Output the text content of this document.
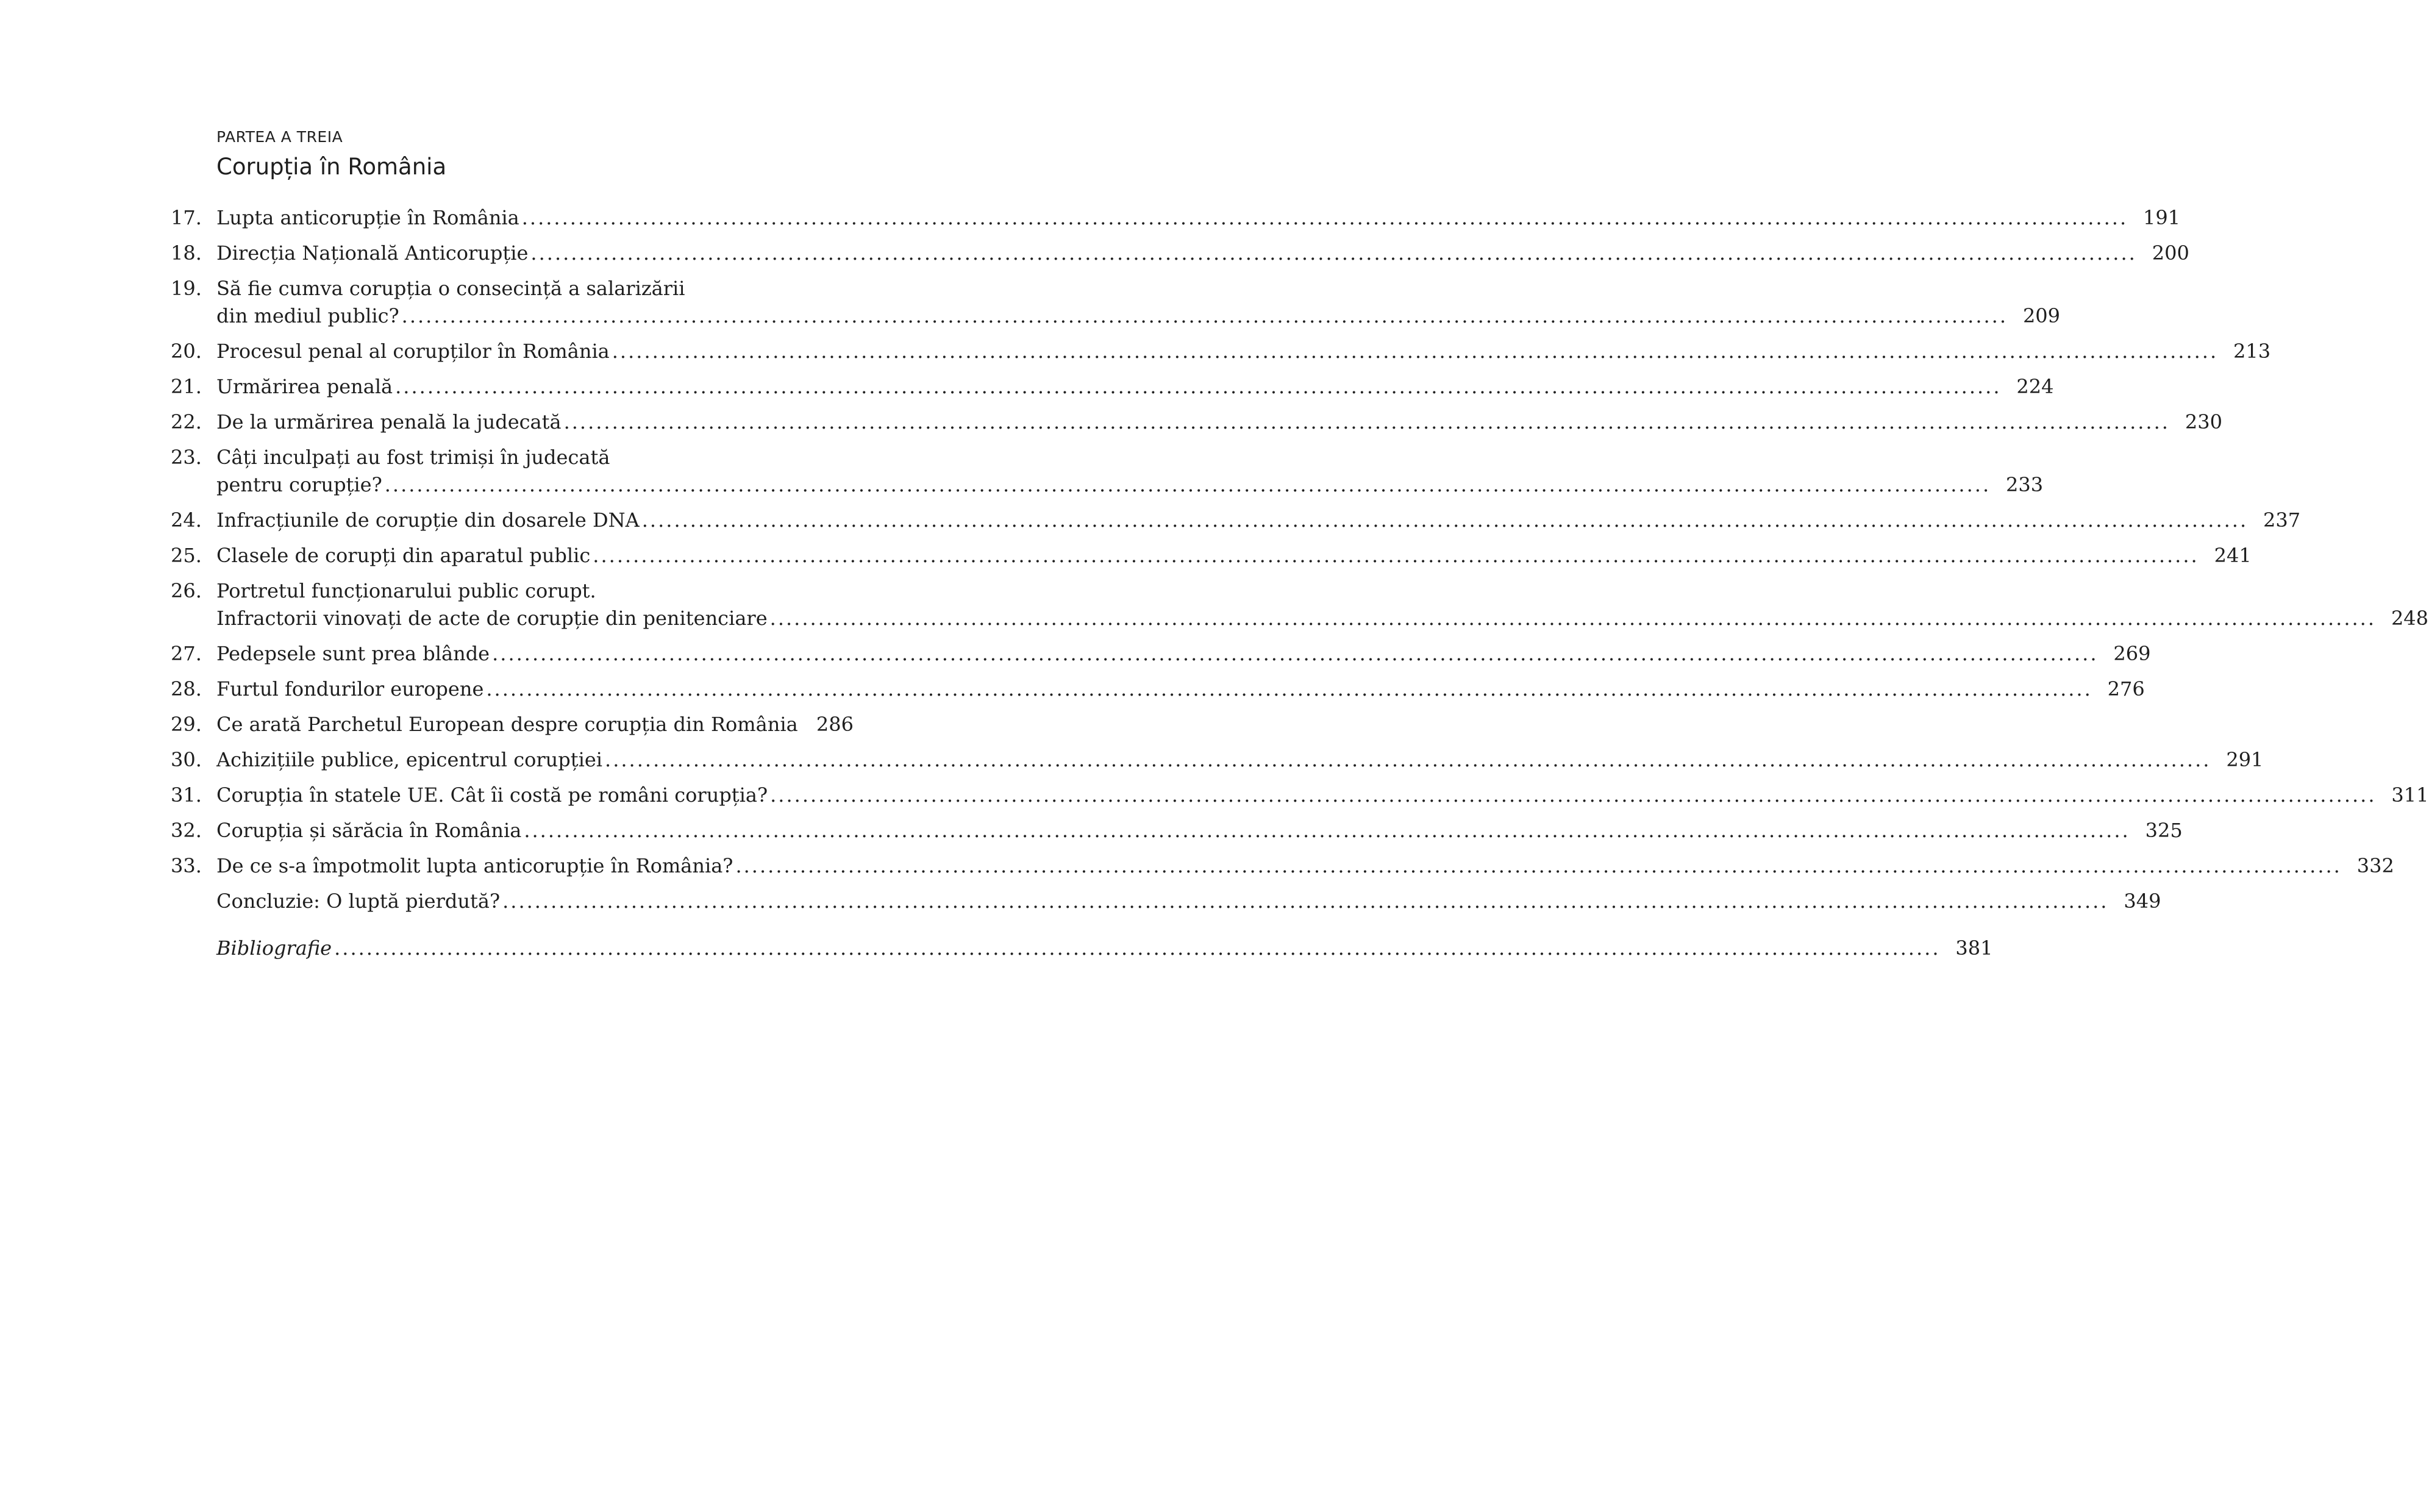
PARTEA A TREIA
Corupția în România
17. Lupta anticorupție în România ........................................................................................................................................................................................................ 191
18. Direcția Națională Anticorupție ........................................................................................................................................................................................................ 200
19. Să fie cumva corupția o consecință a salarizării
din mediul public? ........................................................................................................................................................................................................ 209
20. Procesul penal al corupților în România ........................................................................................................................................................................................................ 213
21. Urmărirea penală ........................................................................................................................................................................................................ 224
22. De la urmărirea penală la judecată ........................................................................................................................................................................................................ 230
23. Câți inculpați au fost trimiși în judecată
pentru corupție? ........................................................................................................................................................................................................ 233
24. Infracțiunile de corupție din dosarele DNA ........................................................................................................................................................................................................ 237
25. Clasele de corupți din aparatul public ........................................................................................................................................................................................................ 241
26. Portretul funcționarului public corupt.
Infractorii vinovați de acte de corupție din penitenciare ........................................................................................................................................................................................................ 248
27. Pedepsele sunt prea blânde ........................................................................................................................................................................................................ 269
28. Furtul fondurilor europene ........................................................................................................................................................................................................ 276
29. Ce arată Parchetul European despre corupția din România 286
30. Achizițiile publice, epicentrul corupției ........................................................................................................................................................................................................ 291
31. Corupția în statele UE. Cât îi costă pe români corupția? ........................................................................................................................................................................................................ 311
32. Corupția și sărăcia în România ........................................................................................................................................................................................................ 325
33. De ce s-a împotmolit lupta anticorupție în România? ........................................................................................................................................................................................................ 332
Concluzie: O luptă pierdută? ........................................................................................................................................................................................................ 349
Bibliografie ........................................................................................................................................................................................................ 381
